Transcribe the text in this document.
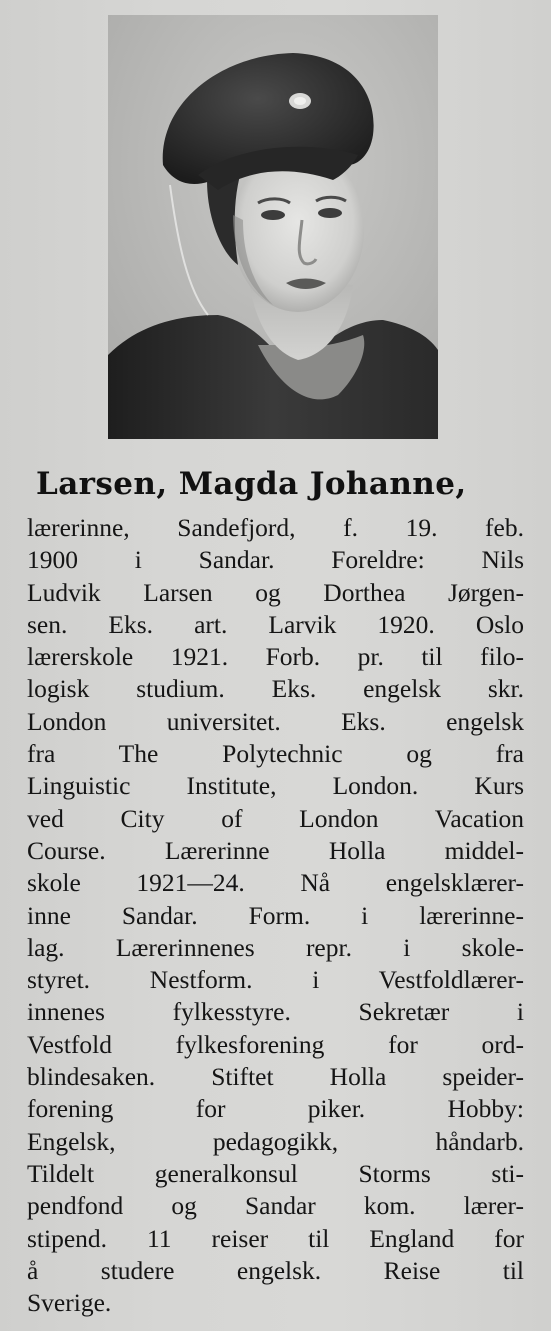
Larsen, Magda Johanne,
lærerinne, Sandefjord, f. 19. feb.
1900 i Sandar. Foreldre: Nils
Ludvik Larsen og Dorthea Jørgen-
sen. Eks. art. Larvik 1920. Oslo
lærerskole 1921. Forb. pr. til filo-
logisk studium. Eks. engelsk skr.
London universitet. Eks. engelsk
fra The Polytechnic og fra
Linguistic Institute, London. Kurs
ved City of London Vacation
Course. Lærerinne Holla middel-
skole 1921—24. Nå engelsklærer-
inne Sandar. Form. i lærerinne-
lag. Lærerinnenes repr. i skole-
styret. Nestform. i Vestfoldlærer-
innenes fylkesstyre. Sekretær i
Vestfold fylkesforening for ord-
blindesaken. Stiftet Holla speider-
forening for piker. Hobby:
Engelsk, pedagogikk, håndarb.
Tildelt generalkonsul Storms sti-
pendfond og Sandar kom. lærer-
stipend. 11 reiser til England for
å studere engelsk. Reise til
Sverige.
